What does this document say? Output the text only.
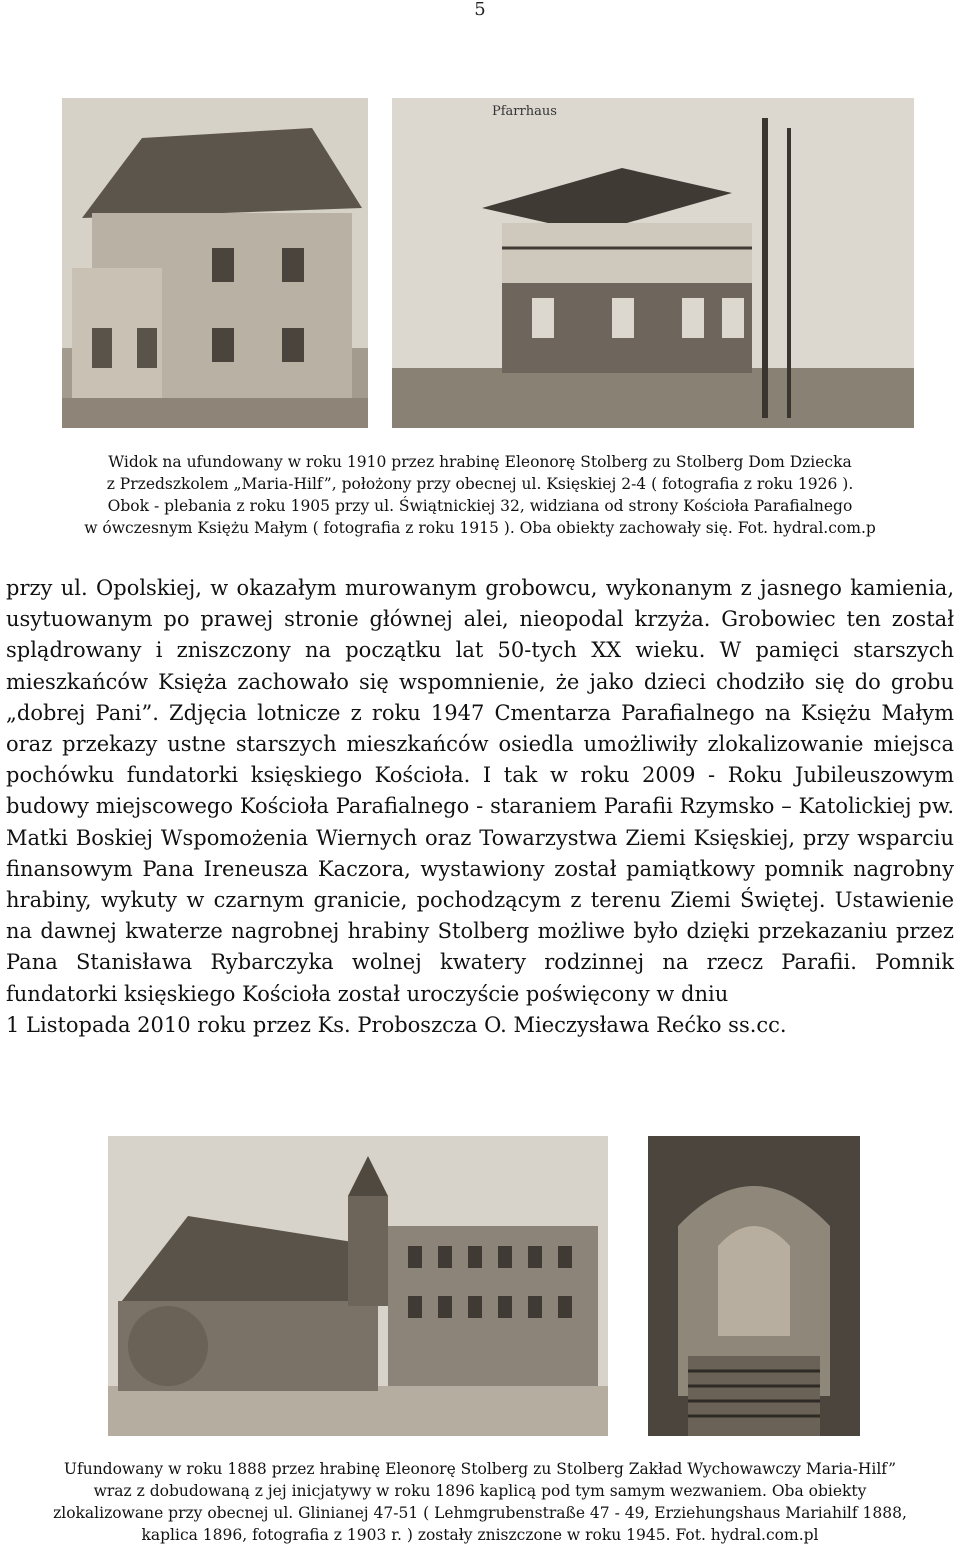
5
Pfarrhaus
Widok na ufundowany w roku 1910 przez hrabinę Eleonorę Stolberg zu Stolberg Dom Dziecka
z Przedszkolem „Maria-Hilf”, położony przy obecnej ul. Księskiej 2-4 ( fotografia z roku 1926 ).
Obok - plebania z roku 1905 przy ul. Świątnickiej 32, widziana od strony Kościoła Parafialnego
w ówczesnym Księżu Małym ( fotografia z roku 1915 ). Oba obiekty zachowały się. Fot. hydral.com.p
przy ul. Opolskiej, w okazałym murowanym grobowcu, wykonanym z jasnego kamienia, usytuowanym po prawej stronie głównej alei, nieopodal krzyża. Grobowiec ten został splądrowany i zniszczony na początku lat 50-tych XX wieku. W pamięci starszych mieszkańców Księża zachowało się wspomnienie, że jako dzieci chodziło się do grobu „dobrej Pani”. Zdjęcia lotnicze z roku 1947 Cmentarza Parafialnego na Księżu Małym oraz przekazy ustne starszych mieszkańców osiedla umożliwiły zlokalizowanie miejsca pochówku fundatorki księskiego Kościoła. I tak w roku 2009 - Roku Jubileuszowym budowy miejscowego Kościoła Parafialnego - staraniem Parafii Rzymsko – Katolickiej pw. Matki Boskiej Wspomożenia Wiernych oraz Towarzystwa Ziemi Księskiej, przy wsparciu finansowym Pana Ireneusza Kaczora, wystawiony został pamiątkowy pomnik nagrobny hrabiny, wykuty w czarnym granicie, pochodzącym z terenu Ziemi Świętej. Ustawienie na dawnej kwaterze nagrobnej hrabiny Stolberg możliwe było dzięki przekazaniu przez Pana Stanisława Rybarczyka wolnej kwatery rodzinnej na rzecz Parafii. Pomnik fundatorki księskiego Kościoła został uroczyście poświęcony w dniu
1 Listopada 2010 roku przez Ks. Proboszcza O. Mieczysława Rećko ss.cc.
Ufundowany w roku 1888 przez hrabinę Eleonorę Stolberg zu Stolberg Zakład Wychowawczy Maria-Hilf”
wraz z dobudowaną z jej inicjatywy w roku 1896 kaplicą pod tym samym wezwaniem. Oba obiekty
zlokalizowane przy obecnej ul. Glinianej 47-51 ( Lehmgrubenstraße 47 - 49, Erziehungshaus Mariahilf 1888,
kaplica 1896, fotografia z 1903 r. ) zostały zniszczone w roku 1945. Fot. hydral.com.pl
